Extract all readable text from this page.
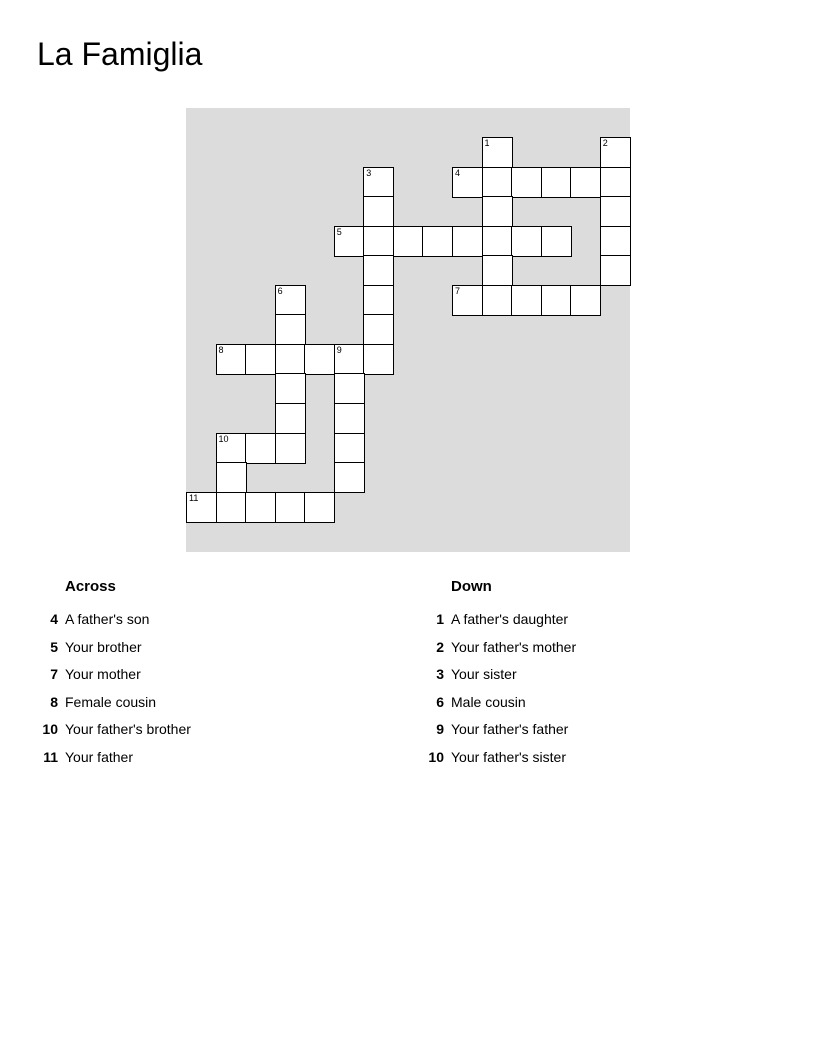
La Famiglia
1	2
3	4
5
6	7
8	9
10
11
Across
4 A father's son
5 Your brother
7 Your mother
8 Female cousin
10 Your father's brother
11 Your father
Down
1 A father's daughter
2 Your father's mother
3 Your sister
6 Male cousin
9 Your father's father
10 Your father's sister
